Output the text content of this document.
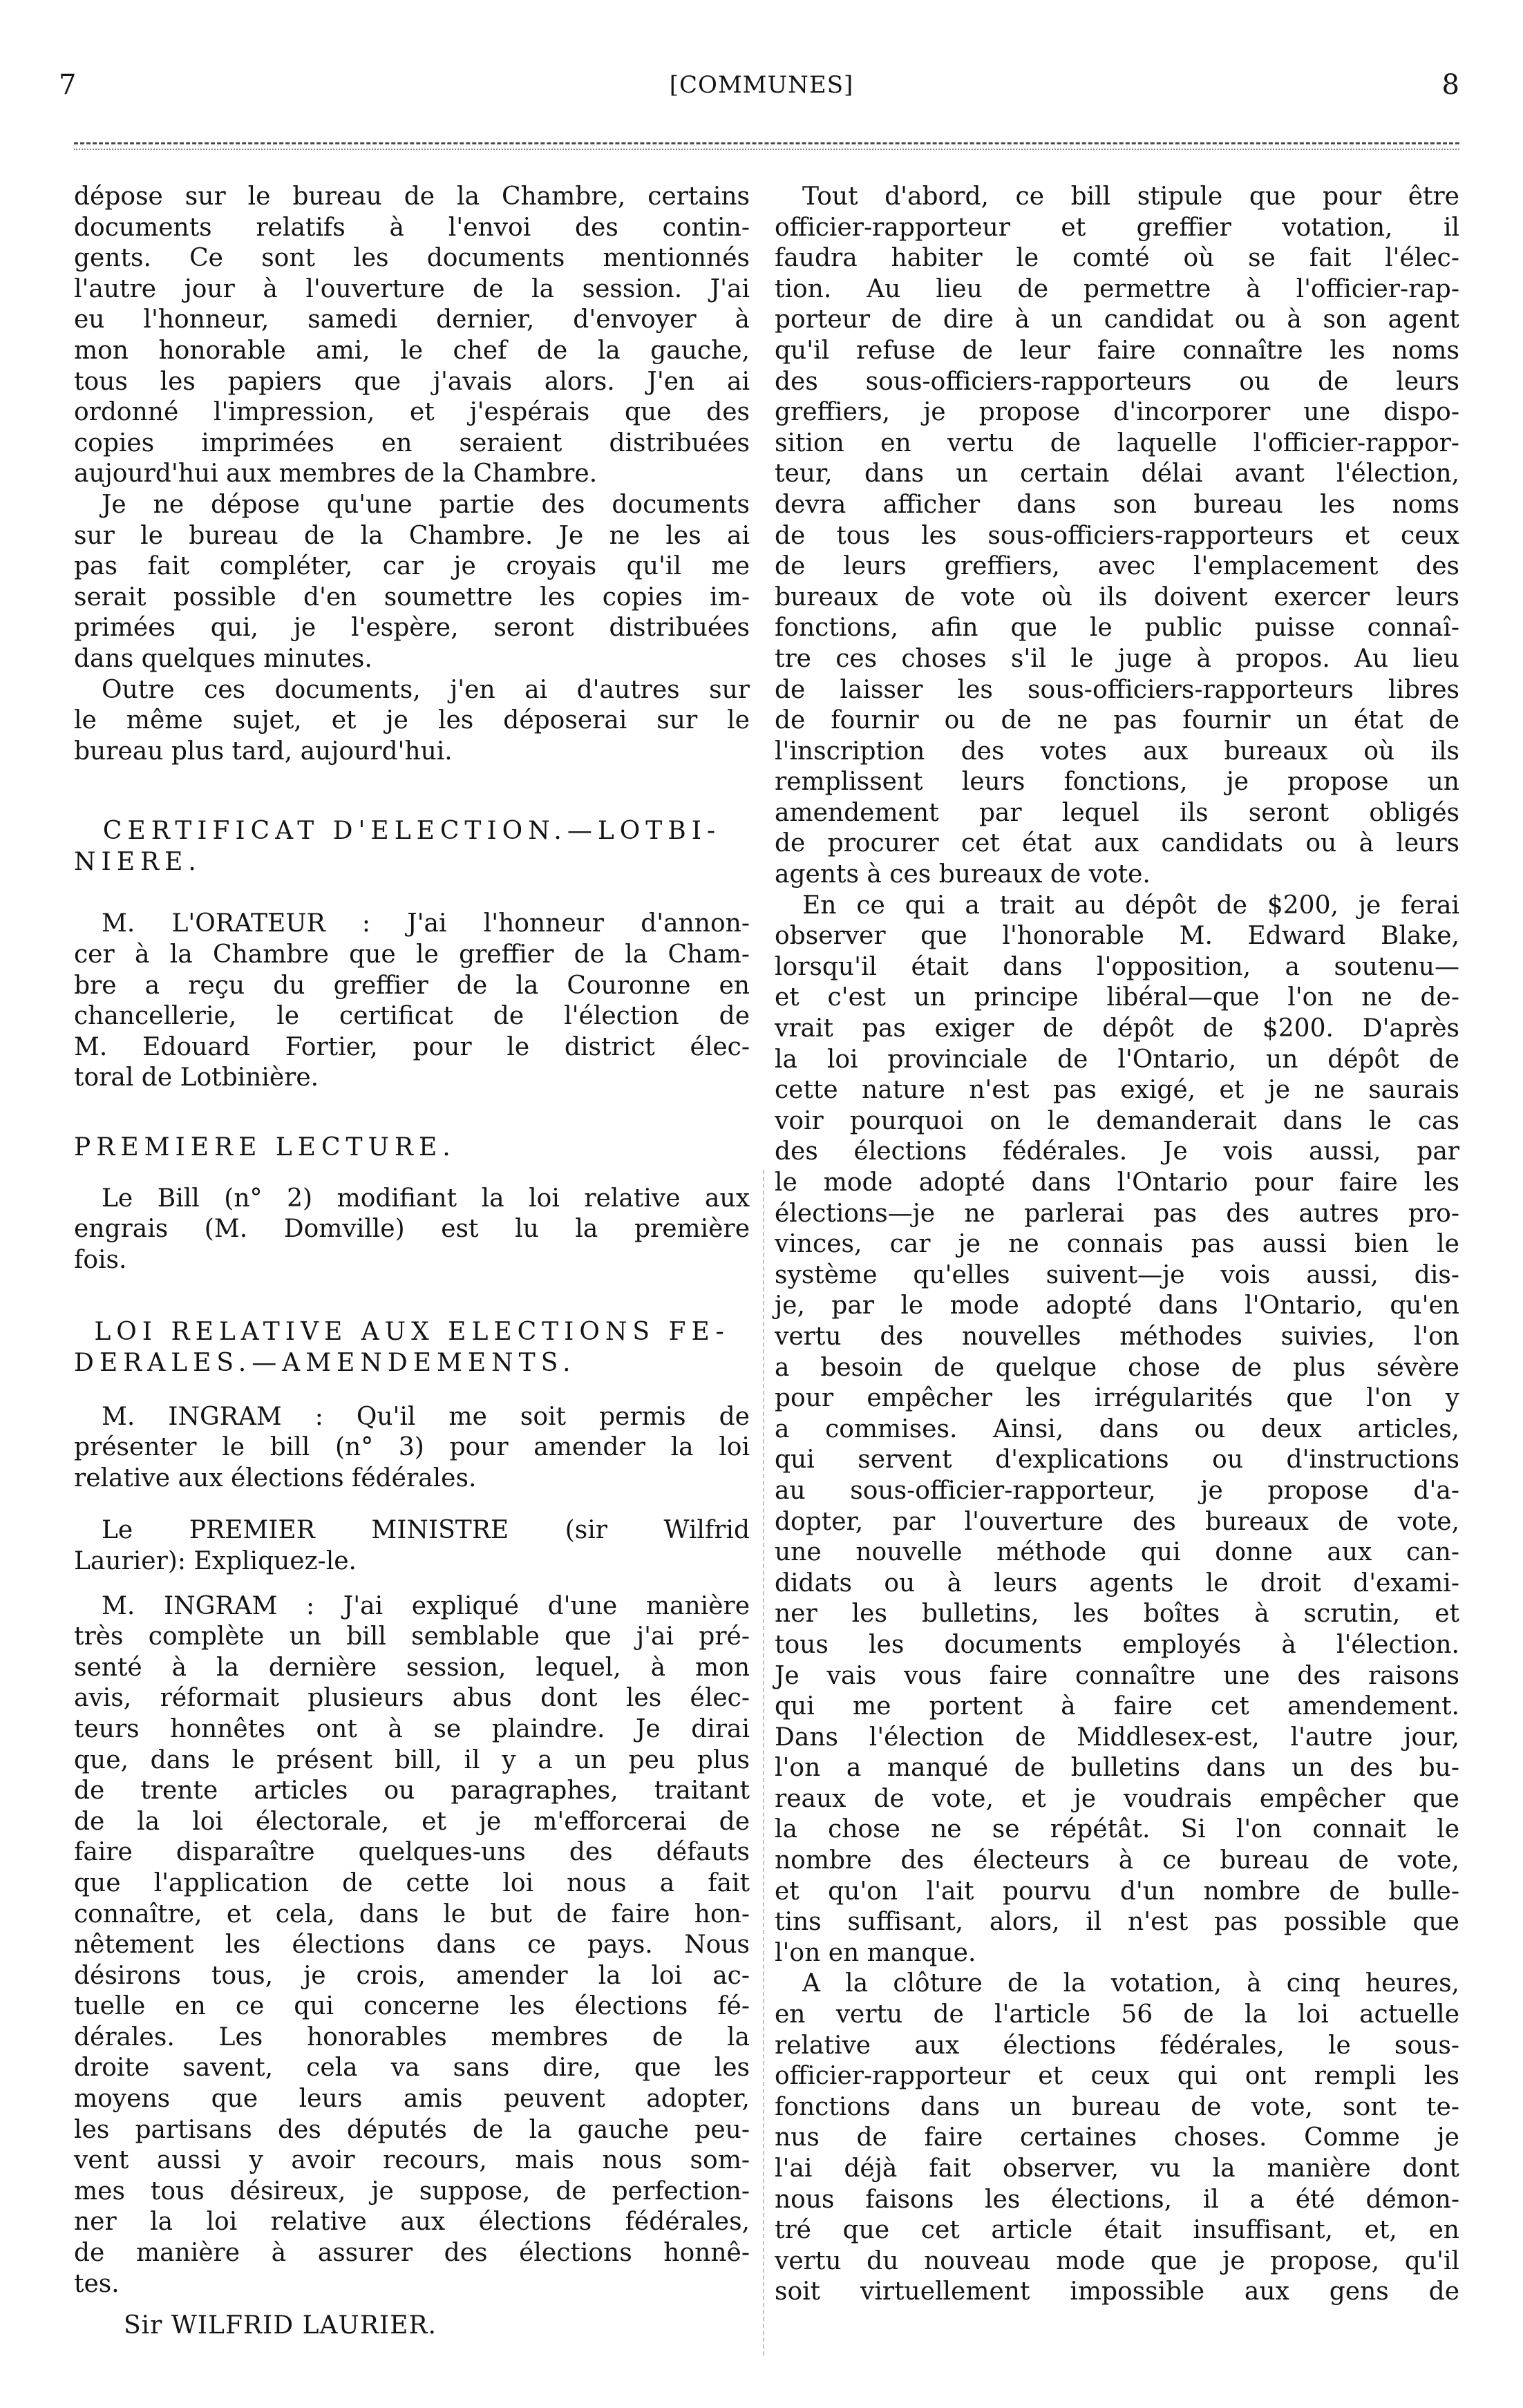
7	[COMMUNES]	8
dépose sur le bureau de la Chambre, certains
documents relatifs à l'envoi des contin-
gents. Ce sont les documents mentionnés
l'autre jour à l'ouverture de la session. J'ai
eu l'honneur, samedi dernier, d'envoyer à
mon honorable ami, le chef de la gauche,
tous les papiers que j'avais alors. J'en ai
ordonné l'impression, et j'espérais que des
copies imprimées en seraient distribuées
aujourd'hui aux membres de la Chambre.
Je ne dépose qu'une partie des documents
sur le bureau de la Chambre. Je ne les ai
pas fait compléter, car je croyais qu'il me
serait possible d'en soumettre les copies im-
primées qui, je l'espère, seront distribuées
dans quelques minutes.
Outre ces documents, j'en ai d'autres sur
le même sujet, et je les déposerai sur le
bureau plus tard, aujourd'hui.
CERTIFICAT D'ELECTION.—LOTBI-
NIERE.
M. L'ORATEUR : J'ai l'honneur d'annon-
cer à la Chambre que le greffier de la Cham-
bre a reçu du greffier de la Couronne en
chancellerie, le certificat de l'élection de
M. Edouard Fortier, pour le district élec-
toral de Lotbinière.
PREMIERE LECTURE.
Le Bill (n° 2) modifiant la loi relative aux
engrais (M. Domville) est lu la première
fois.
LOI RELATIVE AUX ELECTIONS FE-
DERALES.—AMENDEMENTS.
M. INGRAM : Qu'il me soit permis de
présenter le bill (n° 3) pour amender la loi
relative aux élections fédérales.
Le PREMIER MINISTRE (sir Wilfrid
Laurier): Expliquez-le.
M. INGRAM : J'ai expliqué d'une manière
très complète un bill semblable que j'ai pré-
senté à la dernière session, lequel, à mon
avis, réformait plusieurs abus dont les élec-
teurs honnêtes ont à se plaindre. Je dirai
que, dans le présent bill, il y a un peu plus
de trente articles ou paragraphes, traitant
de la loi électorale, et je m'efforcerai de
faire disparaître quelques-uns des défauts
que l'application de cette loi nous a fait
connaître, et cela, dans le but de faire hon-
nêtement les élections dans ce pays. Nous
désirons tous, je crois, amender la loi ac-
tuelle en ce qui concerne les élections fé-
dérales. Les honorables membres de la
droite savent, cela va sans dire, que les
moyens que leurs amis peuvent adopter,
les partisans des députés de la gauche peu-
vent aussi y avoir recours, mais nous som-
mes tous désireux, je suppose, de perfection-
ner la loi relative aux élections fédérales,
de manière à assurer des élections honnê-
tes.
Sir WILFRID LAURIER.
Tout d'abord, ce bill stipule que pour être
officier-rapporteur et greffier votation, il
faudra habiter le comté où se fait l'élec-
tion. Au lieu de permettre à l'officier-rap-
porteur de dire à un candidat ou à son agent
qu'il refuse de leur faire connaître les noms
des sous-officiers-rapporteurs ou de leurs
greffiers, je propose d'incorporer une dispo-
sition en vertu de laquelle l'officier-rappor-
teur, dans un certain délai avant l'élection,
devra afficher dans son bureau les noms
de tous les sous-officiers-rapporteurs et ceux
de leurs greffiers, avec l'emplacement des
bureaux de vote où ils doivent exercer leurs
fonctions, afin que le public puisse connaî-
tre ces choses s'il le juge à propos. Au lieu
de laisser les sous-officiers-rapporteurs libres
de fournir ou de ne pas fournir un état de
l'inscription des votes aux bureaux où ils
remplissent leurs fonctions, je propose un
amendement par lequel ils seront obligés
de procurer cet état aux candidats ou à leurs
agents à ces bureaux de vote.
En ce qui a trait au dépôt de $200, je ferai
observer que l'honorable M. Edward Blake,
lorsqu'il était dans l'opposition, a soutenu—
et c'est un principe libéral—que l'on ne de-
vrait pas exiger de dépôt de $200. D'après
la loi provinciale de l'Ontario, un dépôt de
cette nature n'est pas exigé, et je ne saurais
voir pourquoi on le demanderait dans le cas
des élections fédérales. Je vois aussi, par
le mode adopté dans l'Ontario pour faire les
élections—je ne parlerai pas des autres pro-
vinces, car je ne connais pas aussi bien le
système qu'elles suivent—je vois aussi, dis-
je, par le mode adopté dans l'Ontario, qu'en
vertu des nouvelles méthodes suivies, l'on
a besoin de quelque chose de plus sévère
pour empêcher les irrégularités que l'on y
a commises. Ainsi, dans ou deux articles,
qui servent d'explications ou d'instructions
au sous-officier-rapporteur, je propose d'a-
dopter, par l'ouverture des bureaux de vote,
une nouvelle méthode qui donne aux can-
didats ou à leurs agents le droit d'exami-
ner les bulletins, les boîtes à scrutin, et
tous les documents employés à l'élection.
Je vais vous faire connaître une des raisons
qui me portent à faire cet amendement.
Dans l'élection de Middlesex-est, l'autre jour,
l'on a manqué de bulletins dans un des bu-
reaux de vote, et je voudrais empêcher que
la chose ne se répétât. Si l'on connait le
nombre des électeurs à ce bureau de vote,
et qu'on l'ait pourvu d'un nombre de bulle-
tins suffisant, alors, il n'est pas possible que
l'on en manque.
A la clôture de la votation, à cinq heures,
en vertu de l'article 56 de la loi actuelle
relative aux élections fédérales, le sous-
officier-rapporteur et ceux qui ont rempli les
fonctions dans un bureau de vote, sont te-
nus de faire certaines choses. Comme je
l'ai déjà fait observer, vu la manière dont
nous faisons les élections, il a été démon-
tré que cet article était insuffisant, et, en
vertu du nouveau mode que je propose, qu'il
soit virtuellement impossible aux gens de
